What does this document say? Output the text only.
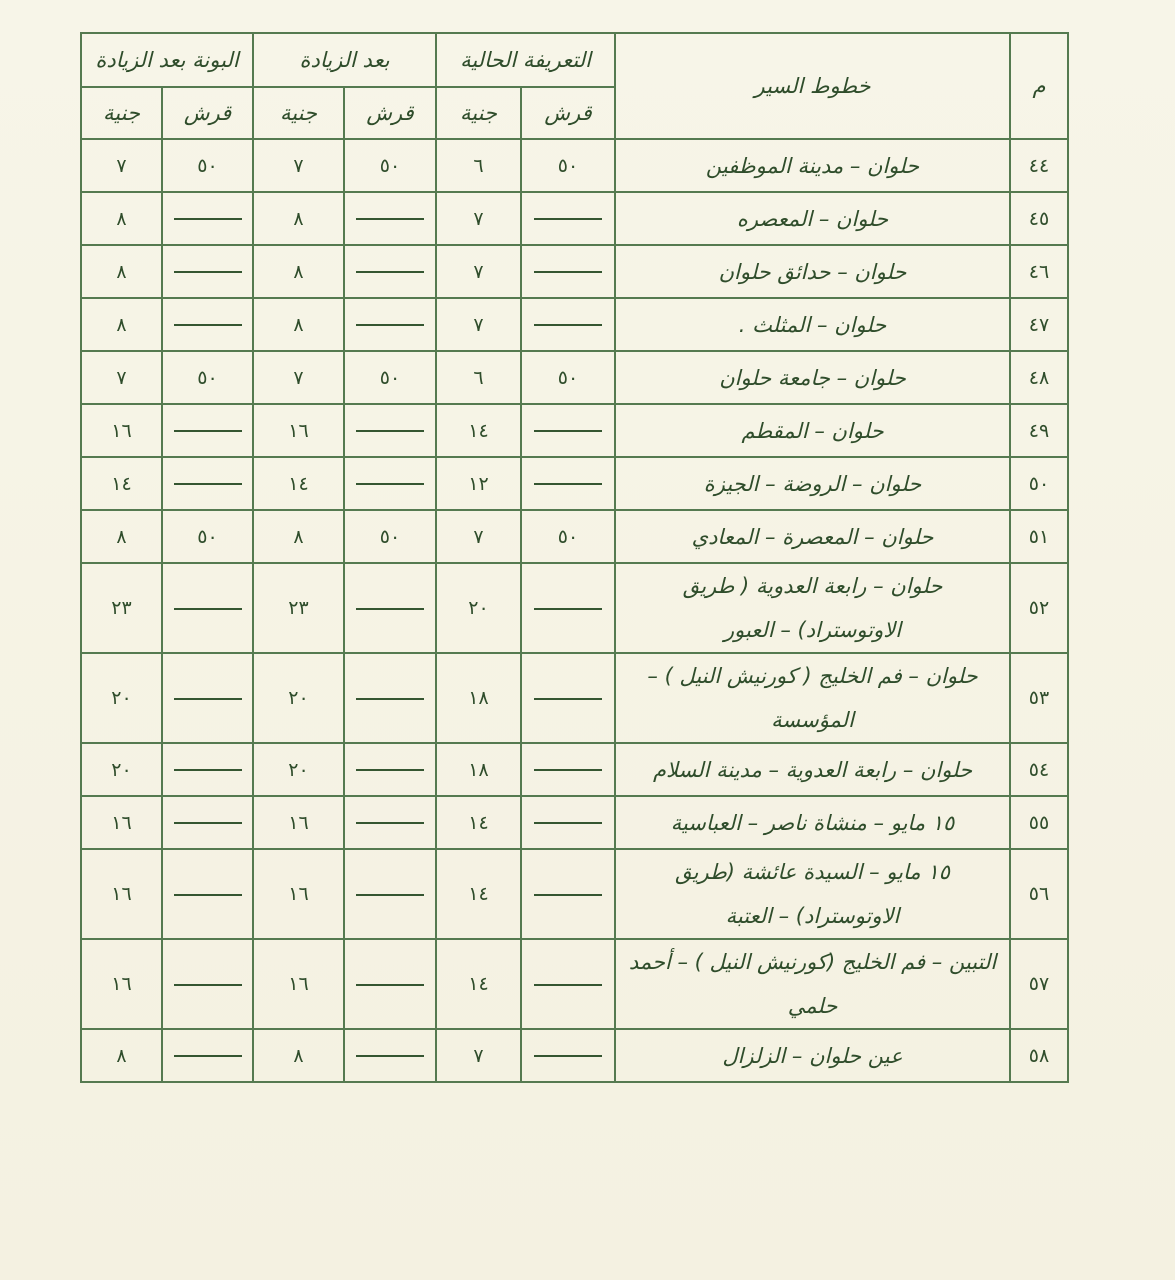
م	خطوط السير	التعريفة الحالية		بعد الزيادة		البونة بعد الزيادة	
		قرش	جنية	قرش	جنية	قرش	جنية
٤٤	حلوان – مدينة الموظفين	٥٠	٦	٥٠	٧	٥٠	٧
٤٥	حلوان – المعصره		٧		٨		٨
٤٦	حلوان – حدائق حلوان		٧		٨		٨
٤٧	حلوان – المثلث .		٧		٨		٨
٤٨	حلوان – جامعة حلوان	٥٠	٦	٥٠	٧	٥٠	٧
٤٩	حلوان – المقطم		١٤		١٦		١٦
٥٠	حلوان – الروضة – الجيزة		١٢		١٤		١٤
٥١	حلوان – المعصرة – المعادي	٥٠	٧	٥٠	٨	٥٠	٨
٥٢	حلوان – رابعة العدوية ( طريق الاوتوستراد) – العبور		٢٠		٢٣		٢٣
٥٣	حلوان – فم الخليج ( كورنيش النيل ) – المؤسسة		١٨		٢٠		٢٠
٥٤	حلوان – رابعة العدوية – مدينة السلام		١٨		٢٠		٢٠
٥٥	١٥ مايو – منشاة ناصر – العباسية		١٤		١٦		١٦
٥٦	١٥ مايو – السيدة عائشة (طريق الاوتوستراد) – العتبة		١٤		١٦		١٦
٥٧	التبين – فم الخليج (كورنيش النيل ) – أحمد حلمي		١٤		١٦		١٦
٥٨	عين حلوان – الزلزال		٧		٨		٨
